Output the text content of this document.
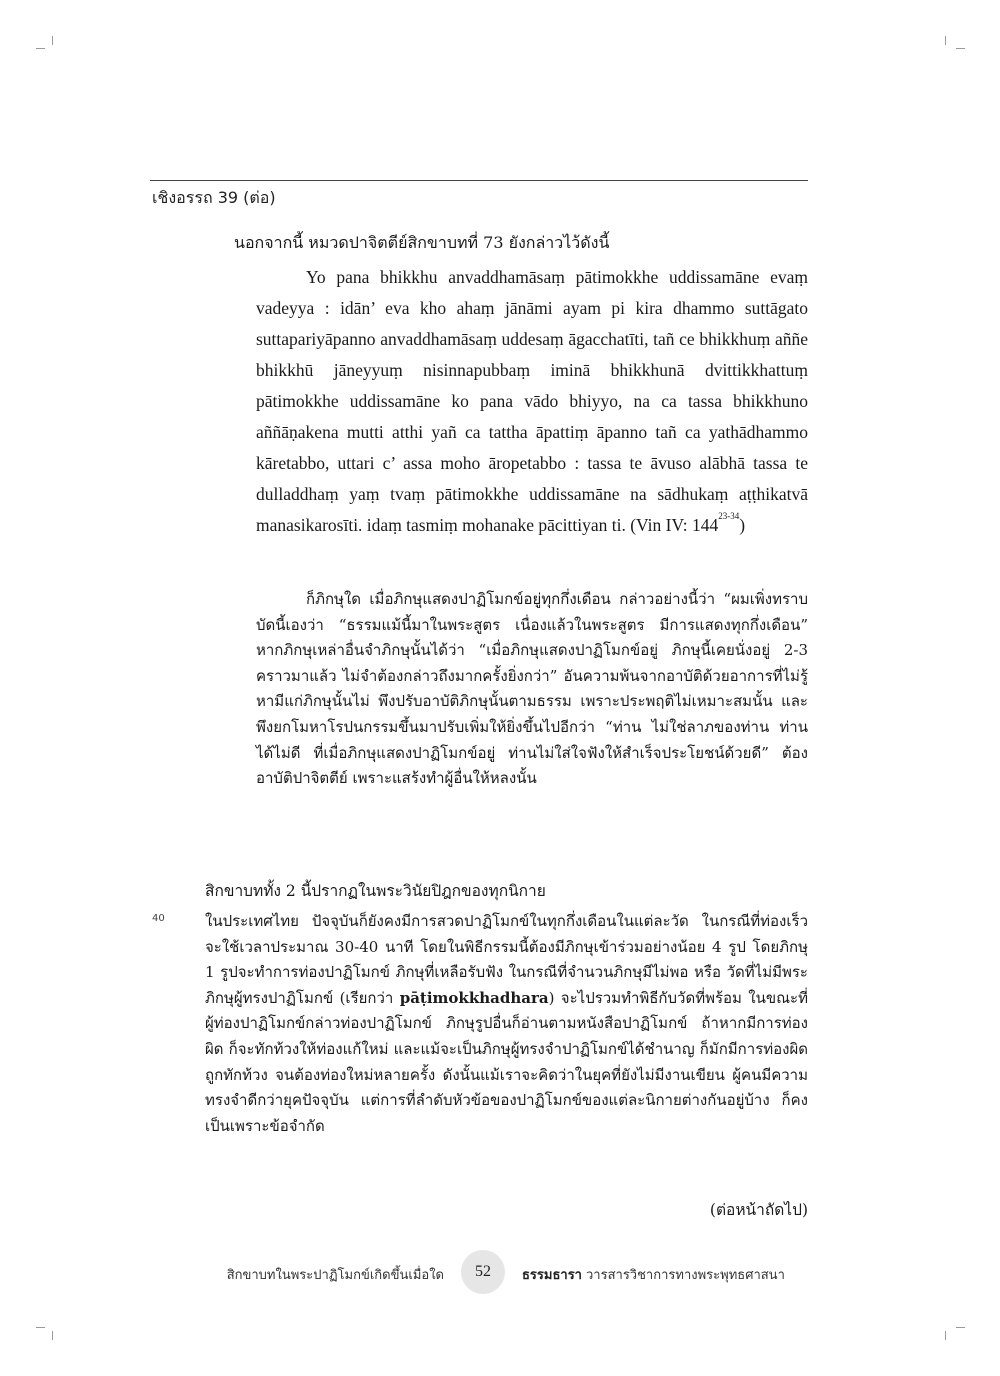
เชิงอรรถ 39 (ต่อ)
นอกจากนี้ หมวดปาจิตตีย์สิกขาบทที่ 73 ยังกล่าวไว้ดังนี้
Yo pana bhikkhu anvaddhamāsaṃ pātimokkhe uddissamāne evaṃ vadeyya : idān’ eva kho ahaṃ jānāmi ayam pi kira dhammo suttāgato suttapariyāpanno anvaddhamāsaṃ uddesaṃ āgacchatīti, tañ ce bhikkhuṃ aññe bhikkhū jāneyyuṃ nisinnapubbaṃ iminā bhikkhunā dvittikkhattuṃ pātimokkhe uddissamāne ko pana vādo bhiyyo, na ca tassa bhikkhuno aññāṇakena mutti atthi yañ ca tattha āpattiṃ āpanno tañ ca yathādhammo kāretabbo, uttari c’ assa moho āropetabbo : tassa te āvuso alābhā tassa te dulladdhaṃ yaṃ tvaṃ pātimokkhe uddissamāne na sādhukaṃ aṭṭhikatvā manasikarosīti. idaṃ tasmiṃ mohanake pācittiyan ti. (Vin IV: 144$^{23-34}$)
ก็ภิกษุใด เมื่อภิกษุแสดงปาฏิโมกข์อยู่ทุกกึ่งเดือน กล่าวอย่างนี้ว่า “ผมเพิ่งทราบบัดนี้เองว่า “ธรรมแม้นี้มาในพระสูตร เนื่องแล้วในพระสูตร มีการแสดงทุกกึ่งเดือน” หากภิกษุเหล่าอื่นจำภิกษุนั้นได้ว่า “เมื่อภิกษุแสดงปาฏิโมกข์อยู่ ภิกษุนี้เคยนั่งอยู่ 2-3 คราวมาแล้ว ไม่จำต้องกล่าวถึงมากครั้งยิ่งกว่า” อันความพ้นจากอาบัติด้วยอาการที่ไม่รู้ หามีแก่ภิกษุนั้นไม่ พึงปรับอาบัติภิกษุนั้นตามธรรม เพราะประพฤติไม่เหมาะสมนั้น และพึงยกโมหาโรปนกรรมขึ้นมาปรับเพิ่มให้ยิ่งขึ้นไปอีกว่า “ท่าน ไม่ใช่ลาภของท่าน ท่านได้ไม่ดี ที่เมื่อภิกษุแสดงปาฏิโมกข์อยู่ ท่านไม่ใส่ใจฟังให้สำเร็จประโยชน์ด้วยดี” ต้องอาบัติปาจิตตีย์ เพราะแสร้งทำผู้อื่นให้หลงนั้น
สิกขาบททั้ง 2 นี้ปรากฏในพระวินัยปิฎกของทุกนิกาย
40	ในประเทศไทย ปัจจุบันก็ยังคงมีการสวดปาฏิโมกข์ในทุกกึ่งเดือนในแต่ละวัด ในกรณีที่ท่องเร็วจะใช้เวลาประมาณ 30-40 นาที โดยในพิธีกรรมนี้ต้องมีภิกษุเข้าร่วมอย่างน้อย 4 รูป โดยภิกษุ 1 รูปจะทำการท่องปาฏิโมกข์ ภิกษุที่เหลือรับฟัง ในกรณีที่จำนวนภิกษุมีไม่พอ หรือ วัดที่ไม่มีพระภิกษุผู้ทรงปาฏิโมกข์ (เรียกว่า pāṭimokkhadhara) จะไปรวมทำพิธีกับวัดที่พร้อม ในขณะที่ผู้ท่องปาฏิโมกข์กล่าวท่องปาฏิโมกข์ ภิกษุรูปอื่นก็อ่านตามหนังสือปาฏิโมกข์ ถ้าหากมีการท่องผิด ก็จะทักท้วงให้ท่องแก้ใหม่ และแม้จะเป็นภิกษุผู้ทรงจำปาฏิโมกข์ได้ชำนาญ ก็มักมีการท่องผิด ถูกทักท้วง จนต้องท่องใหม่หลายครั้ง ดังนั้นแม้เราจะคิดว่าในยุคที่ยังไม่มีงานเขียน ผู้คนมีความทรงจำดีกว่ายุคปัจจุบัน แต่การที่ลำดับหัวข้อของปาฏิโมกข์ของแต่ละนิกายต่างกันอยู่บ้าง ก็คงเป็นเพราะข้อจำกัด
(ต่อหน้าถัดไป)
สิกขาบทในพระปาฏิโมกข์เกิดขึ้นเมื่อใด	52	ธรรมธารา วารสารวิชาการทางพระพุทธศาสนา
